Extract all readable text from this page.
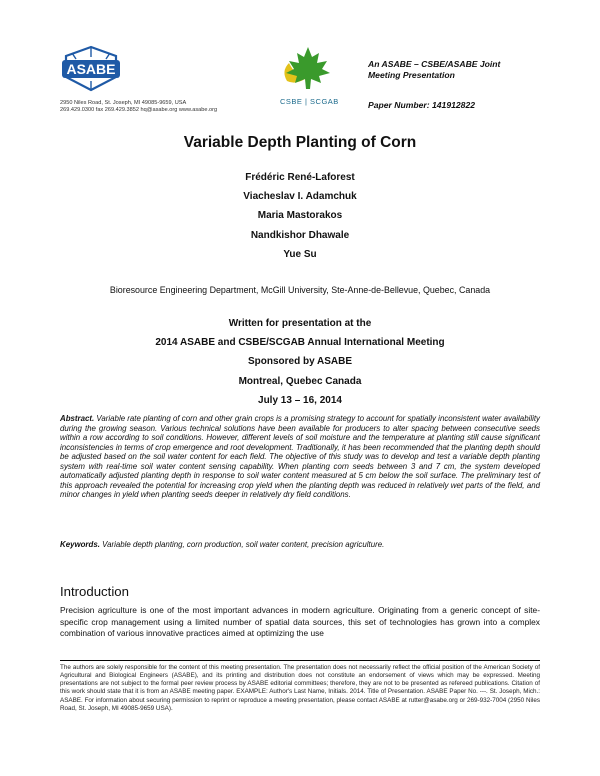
ASABE
2950 Niles Road, St. Joseph, MI 49085-9659, USA
269.429.0300 fax 269.429.3852 hq@asabe.org www.asabe.org
CSBE | SCGAB
An ASABE – CSBE/ASABE Joint
Meeting Presentation
Paper Number: 141912822
Variable Depth Planting of Corn
Frédéric René-Laforest
Viacheslav I. Adamchuk
Maria Mastorakos
Nandkishor Dhawale
Yue Su
Bioresource Engineering Department, McGill University, Ste-Anne-de-Bellevue, Quebec, Canada
Written for presentation at the
2014 ASABE and CSBE/SCGAB Annual International Meeting
Sponsored by ASABE
Montreal, Quebec Canada
July 13 – 16, 2014
Abstract. Variable rate planting of corn and other grain crops is a promising strategy to account for spatially inconsistent water availability during the growing season. Various technical solutions have been available for producers to alter spacing between consecutive seeds within a row according to soil conditions. However, different levels of soil moisture and the temperature at planting still cause significant inconsistencies in terms of crop emergence and root development. Traditionally, it has been recommended that the planting depth should be adjusted based on the soil water content for each field. The objective of this study was to develop and test a variable depth planting system with real-time soil water content sensing capability. When planting corn seeds between 3 and 7 cm, the system developed automatically adjusted planting depth in response to soil water content measured at 5 cm below the soil surface. The preliminary test of this approach revealed the potential for increasing crop yield when the planting depth was reduced in relatively wet parts of the field, and minor changes in yield when planting seeds deeper in relatively dry field conditions.
Keywords. Variable depth planting, corn production, soil water content, precision agriculture.
Introduction
Precision agriculture is one of the most important advances in modern agriculture. Originating from a generic concept of site-specific crop management using a limited number of spatial data sources, this set of technologies has grown into a complex combination of various innovative practices aimed at optimizing the use
The authors are solely responsible for the content of this meeting presentation. The presentation does not necessarily reflect the official position of the American Society of Agricultural and Biological Engineers (ASABE), and its printing and distribution does not constitute an endorsement of views which may be expressed. Meeting presentations are not subject to the formal peer review process by ASABE editorial committees; therefore, they are not to be presented as refereed publications. Citation of this work should state that it is from an ASABE meeting paper. EXAMPLE: Author's Last Name, Initials. 2014. Title of Presentation. ASABE Paper No. ---. St. Joseph, Mich.: ASABE. For information about securing permission to reprint or reproduce a meeting presentation, please contact ASABE at rutter@asabe.org or 269-932-7004 (2950 Niles Road, St. Joseph, MI 49085-9659 USA).
